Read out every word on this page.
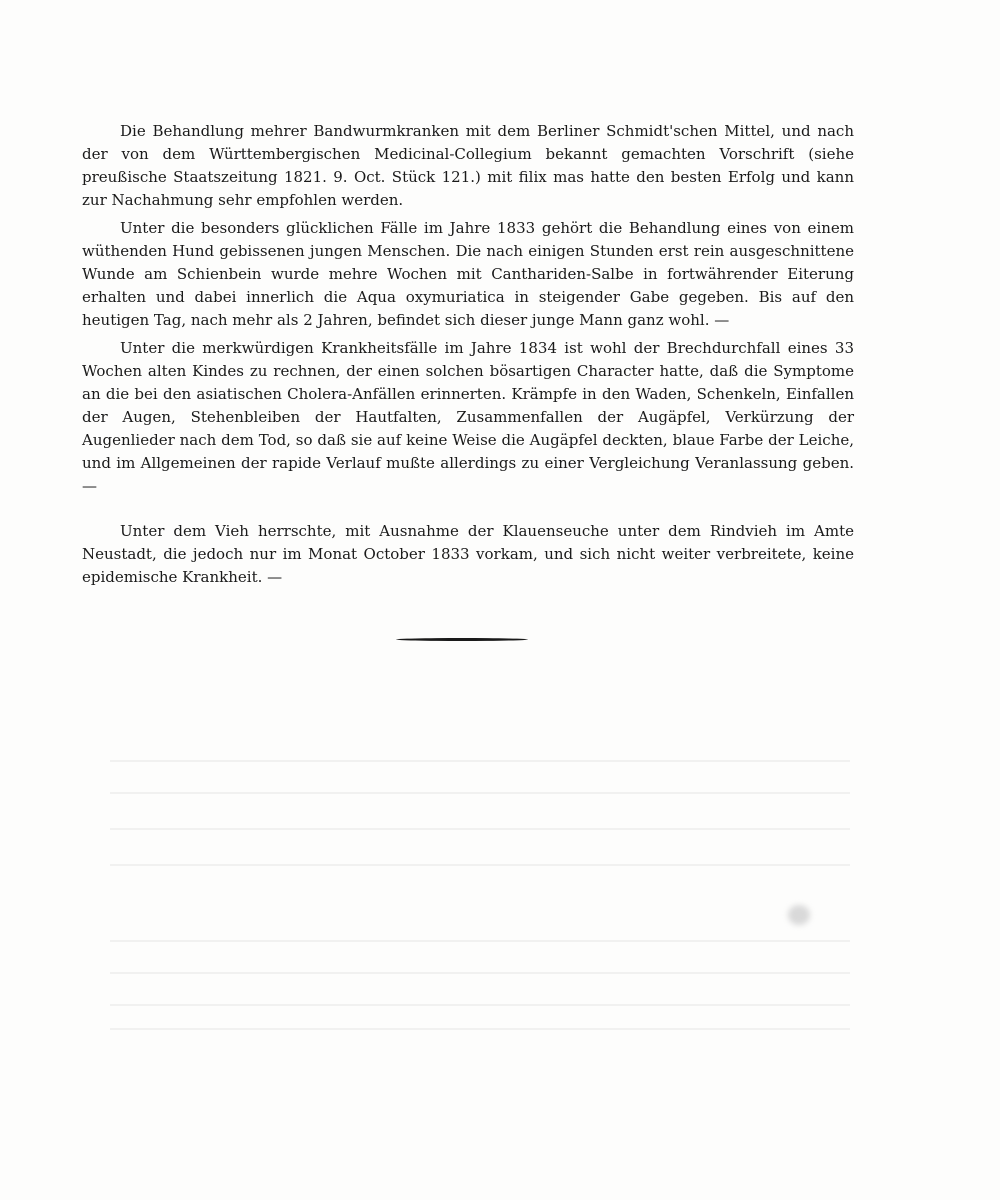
Die Behandlung mehrer Bandwurmkranken mit dem Berliner Schmidt'schen Mittel, und nach der von dem Württembergischen Medicinal-Collegium bekannt gemachten Vorschrift (siehe preußische Staatszeitung 1821. 9. Oct. Stück 121.) mit filix mas hatte den besten Erfolg und kann zur Nachahmung sehr empfohlen werden.

Unter die besonders glücklichen Fälle im Jahre 1833 gehört die Behandlung eines von einem wüthenden Hund gebissenen jungen Menschen. Die nach einigen Stunden erst rein ausgeschnittene Wunde am Schienbein wurde mehre Wochen mit Canthariden-Salbe in fortwährender Eiterung erhalten und dabei innerlich die Aqua oxymuriatica in steigender Gabe gegeben. Bis auf den heutigen Tag, nach mehr als 2 Jahren, befindet sich dieser junge Mann ganz wohl. —

Unter die merkwürdigen Krankheitsfälle im Jahre 1834 ist wohl der Brechdurchfall eines 33 Wochen alten Kindes zu rechnen, der einen solchen bösartigen Character hatte, daß die Symptome an die bei den asiatischen Cholera-Anfällen erinnerten. Krämpfe in den Waden, Schenkeln, Einfallen der Augen, Stehenbleiben der Hautfalten, Zusammenfallen der Augäpfel, Verkürzung der Augenlieder nach dem Tod, so daß sie auf keine Weise die Augäpfel deckten, blaue Farbe der Leiche, und im Allgemeinen der rapide Verlauf mußte allerdings zu einer Vergleichung Veranlassung geben. —

Unter dem Vieh herrschte, mit Ausnahme der Klauenseuche unter dem Rindvieh im Amte Neustadt, die jedoch nur im Monat October 1833 vorkam, und sich nicht weiter verbreitete, keine epidemische Krankheit. —
